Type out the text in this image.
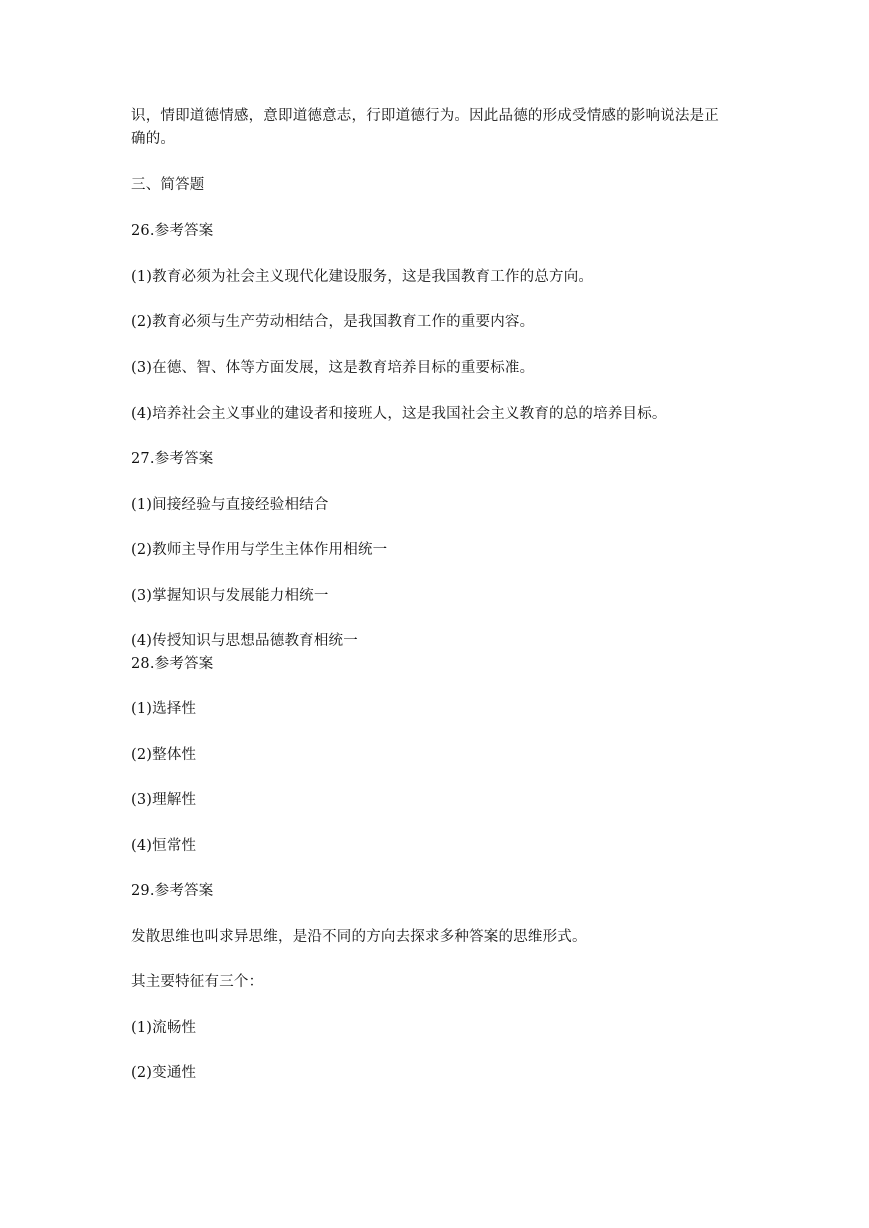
识，情即道德情感，意即道德意志，行即道德行为。因此品德的形成受情感的影响说法是正
确的。
三、简答题
26.参考答案
(1)教育必须为社会主义现代化建设服务，这是我国教育工作的总方向。
(2)教育必须与生产劳动相结合，是我国教育工作的重要内容。
(3)在德、智、体等方面发展，这是教育培养目标的重要标准。
(4)培养社会主义事业的建设者和接班人，这是我国社会主义教育的总的培养目标。
27.参考答案
(1)间接经验与直接经验相结合
(2)教师主导作用与学生主体作用相统一
(3)掌握知识与发展能力相统一
(4)传授知识与思想品德教育相统一
28.参考答案
(1)选择性
(2)整体性
(3)理解性
(4)恒常性
29.参考答案
发散思维也叫求异思维，是沿不同的方向去探求多种答案的思维形式。
其主要特征有三个：
(1)流畅性
(2)变通性
